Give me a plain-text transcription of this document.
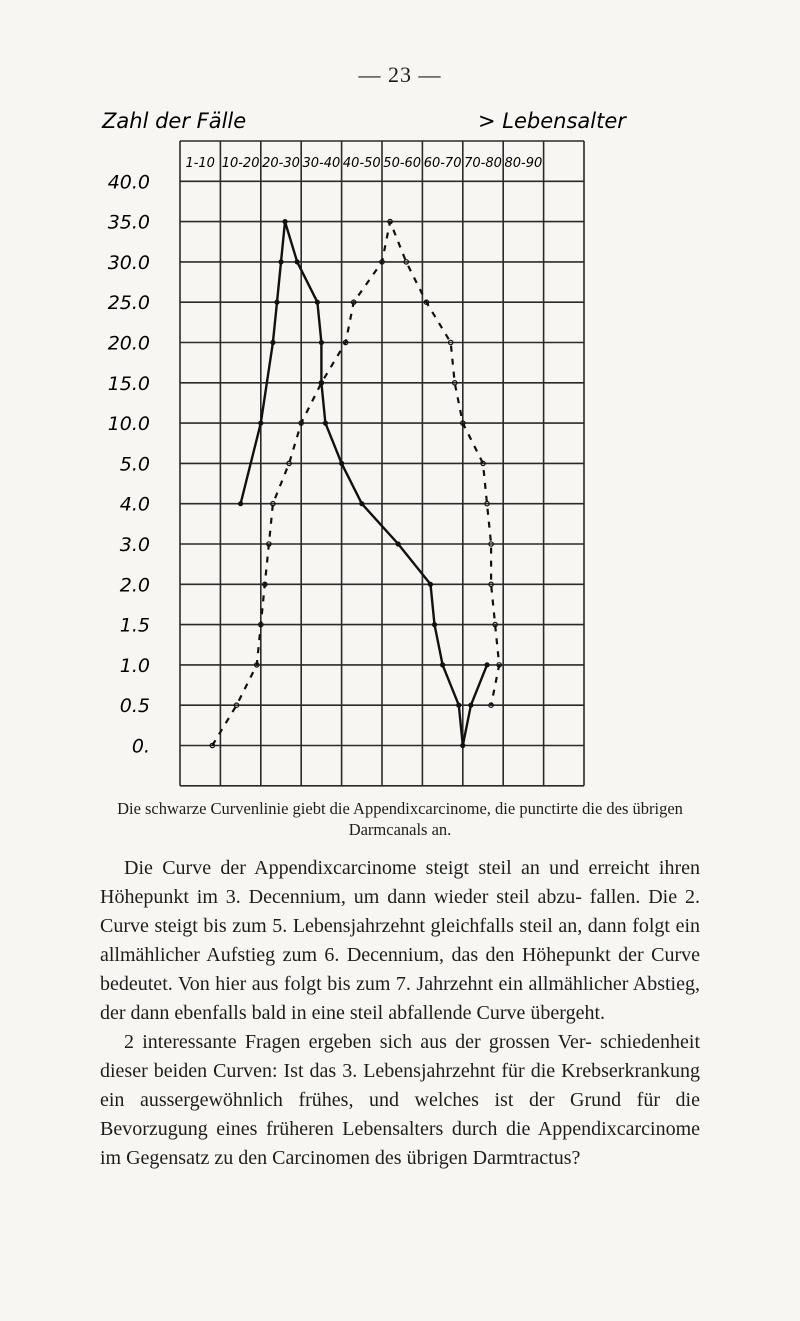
— 23 —
1-10 10-20 20-30 30-40 40-50 50-60 60-70 70-80 80-90
40.0
35.0
30.0
25.0
20.0
15.0
10.0
5.0
4.0
3.0
2.0
1.5
1.0
0.5
0.
Zahl der Fälle	> Lebensalter
Die schwarze Curvenlinie giebt die Appendixcarcinome, die punctirte die des übrigen Darmcanals an.

Die Curve der Appendixcarcinome steigt steil an und erreicht ihren Höhepunkt im 3. Decennium, um dann wieder steil abzu- fallen. Die 2. Curve steigt bis zum 5. Lebensjahrzehnt gleichfalls steil an, dann folgt ein allmählicher Aufstieg zum 6. Decennium, das den Höhepunkt der Curve bedeutet. Von hier aus folgt bis zum 7. Jahrzehnt ein allmählicher Abstieg, der dann ebenfalls bald in eine steil abfallende Curve übergeht.

2 interessante Fragen ergeben sich aus der grossen Ver- schiedenheit dieser beiden Curven: Ist das 3. Lebensjahrzehnt für die Krebserkrankung ein aussergewöhnlich frühes, und welches ist der Grund für die Bevorzugung eines früheren Lebensalters durch die Appendixcarcinome im Gegensatz zu den Carcinomen des übrigen Darmtractus?
